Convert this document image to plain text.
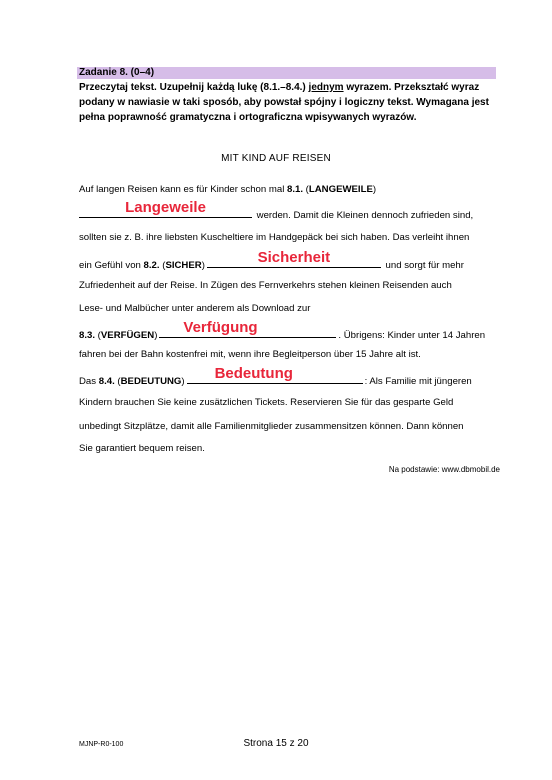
Zadanie 8. (0–4)
Przeczytaj tekst. Uzupełnij każdą lukę (8.1.–8.4.) jednym wyrazem. Przekształć wyraz podany w nawiasie w taki sposób, aby powstał spójny i logiczny tekst. Wymagana jest pełna poprawność gramatyczna i ortograficzna wpisywanych wyrazów.
MIT KIND AUF REISEN
Auf langen Reisen kann es für Kinder schon mal 8.1. (LANGEWEILE)
Langeweile	werden. Damit die Kleinen dennoch zufrieden sind,
sollten sie z. B. ihre liebsten Kuscheltiere im Handgepäck bei sich haben. Das verleiht ihnen
ein Gefühl von 8.2. (SICHER)	Sicherheit	und sorgt für mehr
Zufriedenheit auf der Reise. In Zügen des Fernverkehrs stehen kleinen Reisenden auch
Lese- und Malbücher unter anderem als Download zur
8.3. (VERFÜGEN) Verfügung	. Übrigens: Kinder unter 14 Jahren
fahren bei der Bahn kostenfrei mit, wenn ihre Begleitperson über 15 Jahre alt ist.
Das 8.4. (BEDEUTUNG) Bedeutung	: Als Familie mit jüngeren
Kindern brauchen Sie keine zusätzlichen Tickets. Reservieren Sie für das gesparte Geld
unbedingt Sitzplätze, damit alle Familienmitglieder zusammensitzen können. Dann können
Sie garantiert bequem reisen.
Na podstawie: www.dbmobil.de
MJNP-R0-100	Strona 15 z 20
